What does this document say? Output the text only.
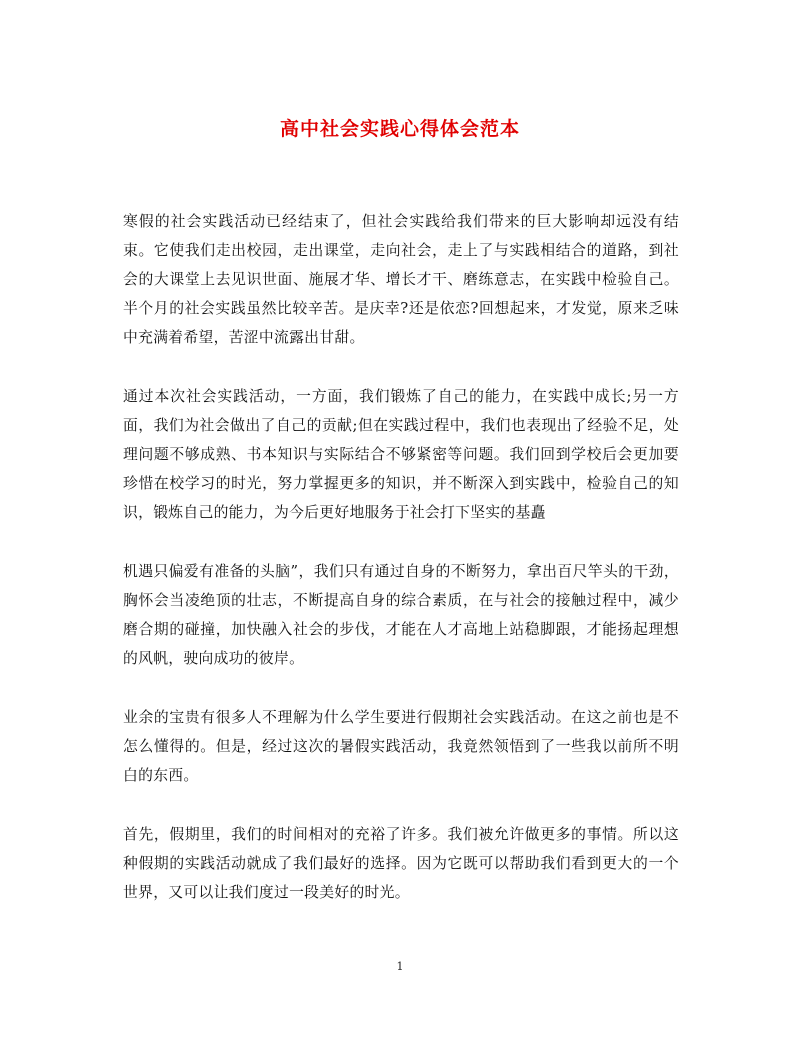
高中社会实践心得体会范本

寒假的社会实践活动已经结束了，但社会实践给我们带来的巨大影响却远没有结束。它使我们走出校园，走出课堂，走向社会，走上了与实践相结合的道路，到社会的大课堂上去见识世面、施展才华、增长才干、磨练意志，在实践中检验自己。半个月的社会实践虽然比较辛苦。是庆幸?还是依恋?回想起来，才发觉，原来乏味中充满着希望，苦涩中流露出甘甜。

通过本次社会实践活动，一方面，我们锻炼了自己的能力，在实践中成长;另一方面，我们为社会做出了自己的贡献;但在实践过程中，我们也表现出了经验不足，处理问题不够成熟、书本知识与实际结合不够紧密等问题。我们回到学校后会更加要珍惜在校学习的时光，努力掌握更多的知识，并不断深入到实践中，检验自己的知识，锻炼自己的能力，为今后更好地服务于社会打下坚实的基矗

机遇只偏爱有准备的头脑”，我们只有通过自身的不断努力，拿出百尺竿头的干劲，胸怀会当凌绝顶的壮志，不断提高自身的综合素质，在与社会的接触过程中，减少磨合期的碰撞，加快融入社会的步伐，才能在人才高地上站稳脚跟，才能扬起理想的风帆，驶向成功的彼岸。

业余的宝贵有很多人不理解为什么学生要进行假期社会实践活动。在这之前也是不怎么懂得的。但是，经过这次的暑假实践活动，我竟然领悟到了一些我以前所不明白的东西。

首先，假期里，我们的时间相对的充裕了许多。我们被允许做更多的事情。所以这种假期的实践活动就成了我们最好的选择。因为它既可以帮助我们看到更大的一个世界，又可以让我们度过一段美好的时光。

1
